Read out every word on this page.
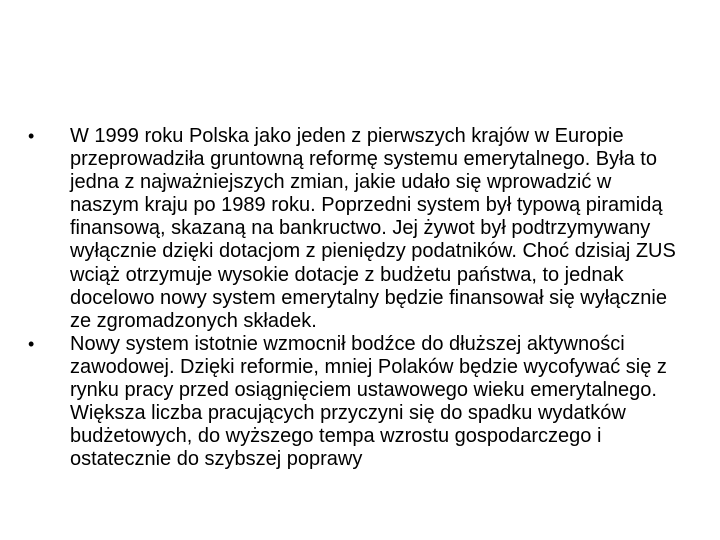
•	W 1999 roku Polska jako jeden z pierwszych krajów w Europie przeprowadziła gruntowną reformę systemu emerytalnego. Była to jedna z najważniejszych zmian, jakie udało się wprowadzić w naszym kraju po 1989 roku. Poprzedni system był typową piramidą finansową, skazaną na bankructwo. Jej żywot był podtrzymywany wyłącznie dzięki dotacjom z pieniędzy podatników. Choć dzisiaj ZUS wciąż otrzymuje wysokie dotacje z budżetu państwa, to jednak docelowo nowy system emerytalny będzie finansował się wyłącznie ze zgromadzonych składek.
•	Nowy system istotnie wzmocnił bodźce do dłuższej aktywności zawodowej. Dzięki reformie, mniej Polaków będzie wycofywać się z rynku pracy przed osiągnięciem ustawowego wieku emerytalnego. Większa liczba pracujących przyczyni się do spadku wydatków budżetowych, do wyższego tempa wzrostu gospodarczego i ostatecznie do szybszej poprawy
